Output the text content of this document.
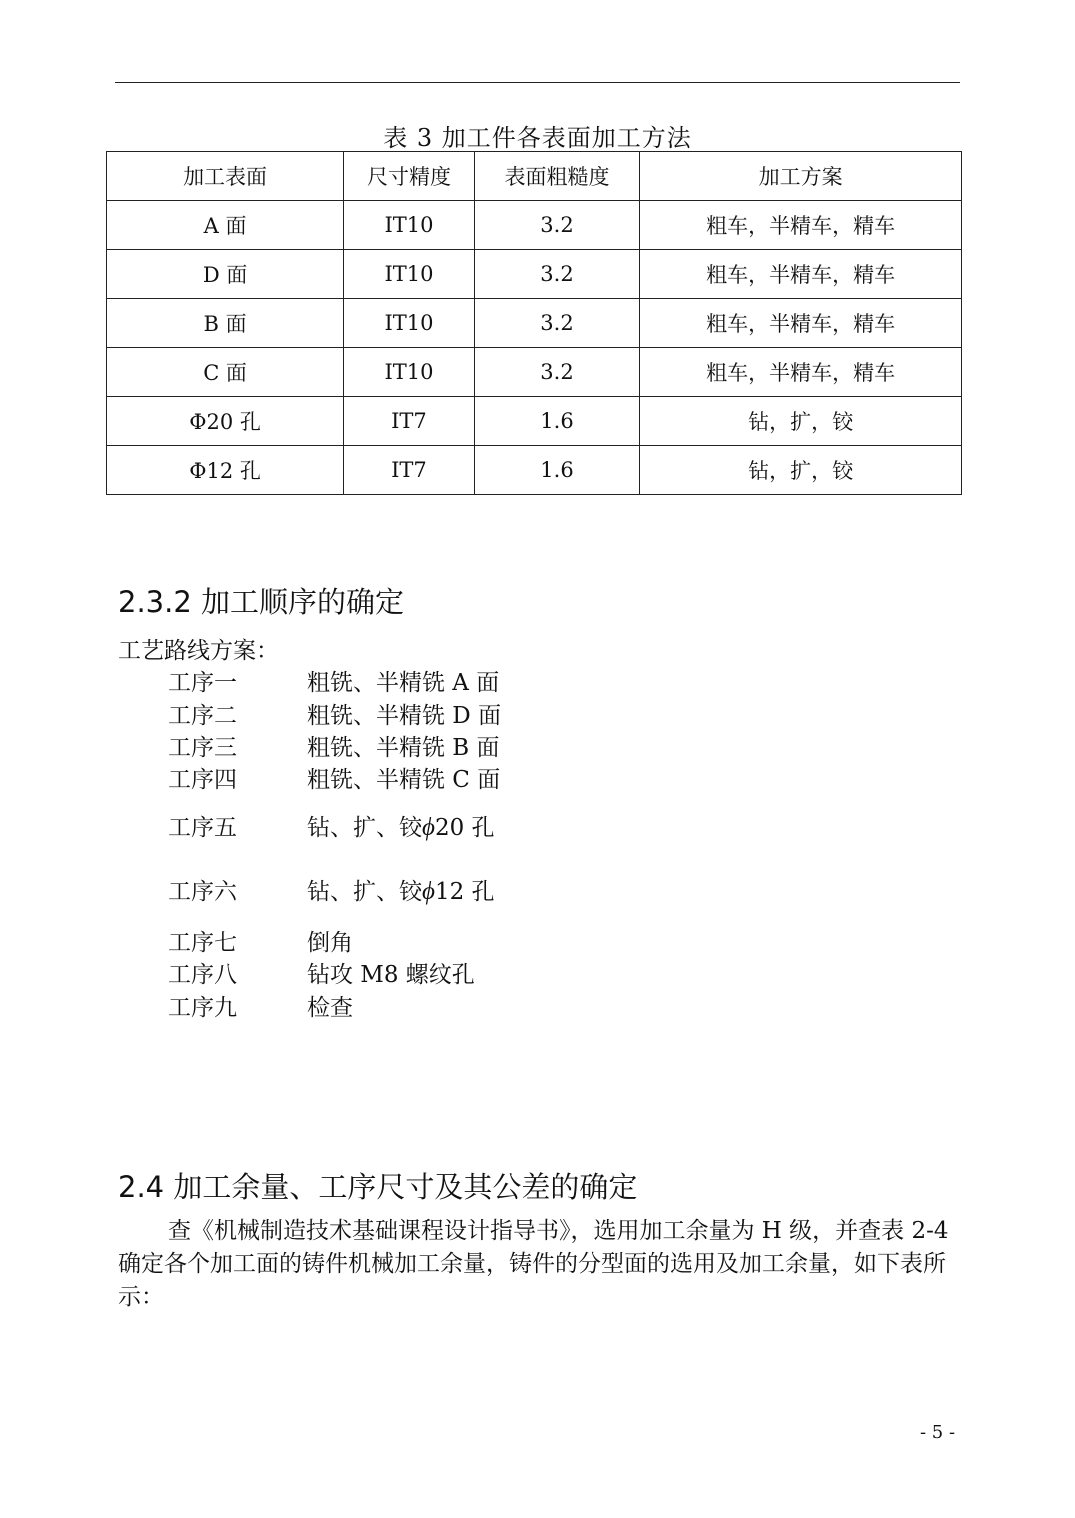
表 3 加工件各表面加工方法
加工表面	尺寸精度	表面粗糙度	加工方案
A 面	IT10	3.2	粗车，半精车，精车
D 面	IT10	3.2	粗车，半精车，精车
B 面	IT10	3.2	粗车，半精车，精车
C 面	IT10	3.2	粗车，半精车，精车
Φ20 孔	IT7	1.6	钻，扩，铰
Φ12 孔	IT7	1.6	钻，扩，铰
2.3.2 加工顺序的确定
工艺路线方案：
工序一	粗铣、半精铣 A 面
工序二	粗铣、半精铣 D 面
工序三	粗铣、半精铣 B 面
工序四	粗铣、半精铣 C 面
工序五	钻、扩、铰ϕ20 孔
工序六	钻、扩、铰ϕ12 孔
工序七	倒角
工序八	钻攻 M8 螺纹孔
工序九	检查
2.4 加工余量、工序尺寸及其公差的确定
查《机械制造技术基础课程设计指导书》，选用加工余量为 H 级，并查表 2-4 确定各个加工面的铸件机械加工余量，铸件的分型面的选用及加工余量，如下表所示：
- 5 -
